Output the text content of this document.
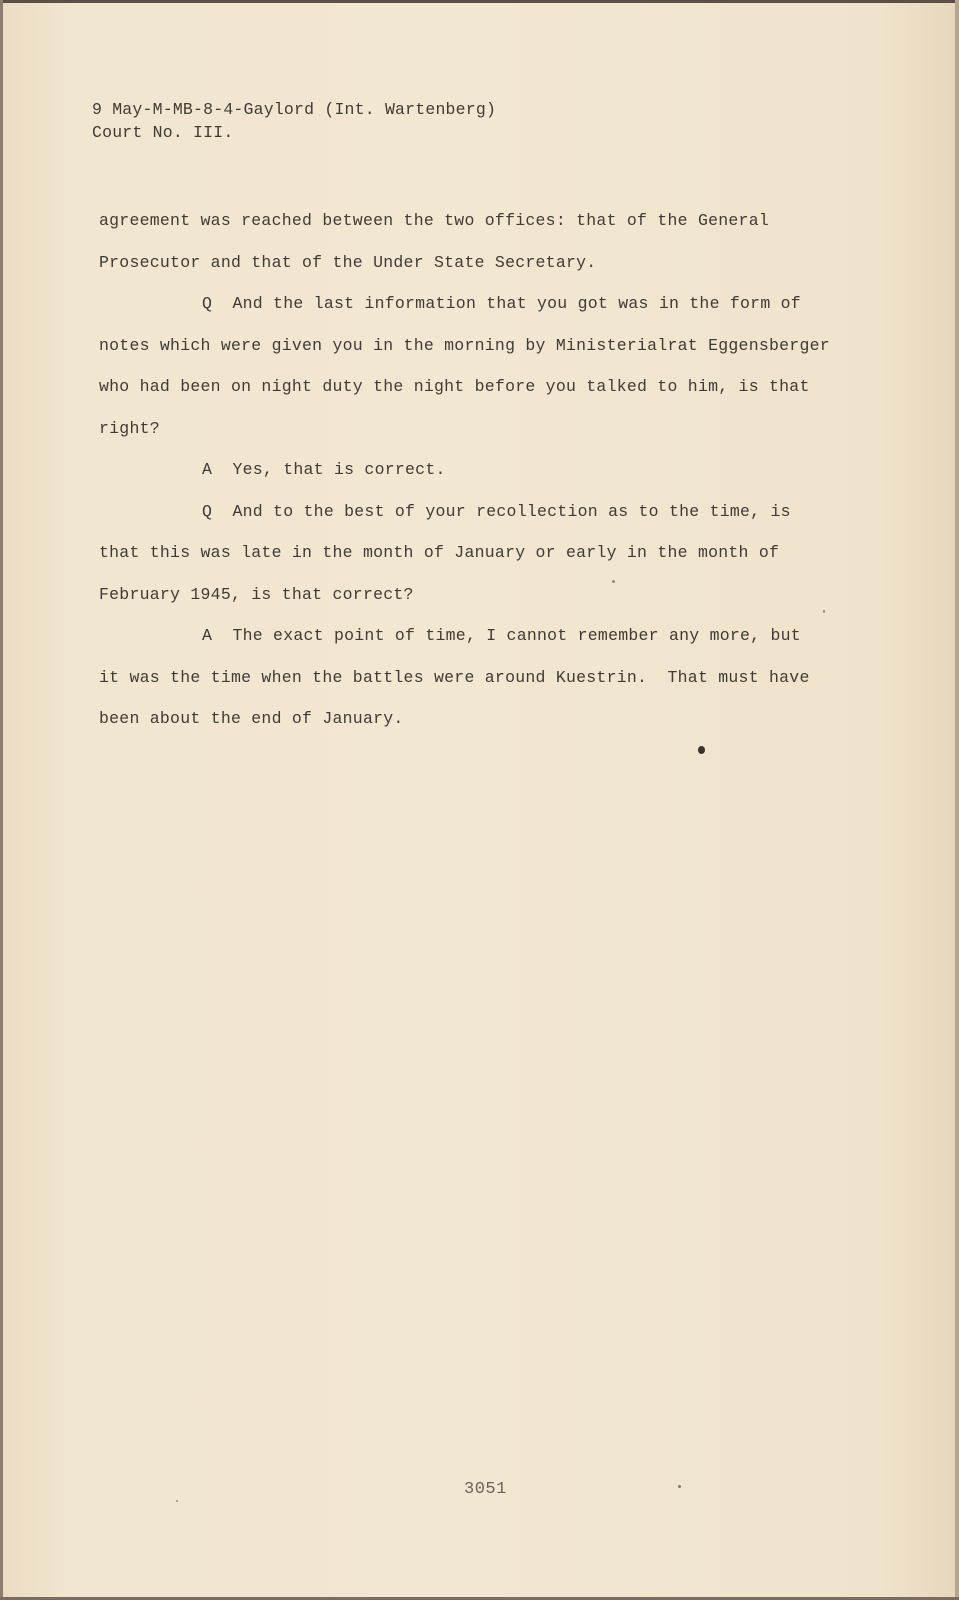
9 May-M-MB-8-4-Gaylord (Int. Wartenberg)
Court No. III.
agreement was reached between the two offices: that of the General
Prosecutor and that of the Under State Secretary.
Q  And the last information that you got was in the form of
notes which were given you in the morning by Ministerialrat Eggensberger
who had been on night duty the night before you talked to him, is that
right?
A  Yes, that is correct.
Q  And to the best of your recollection as to the time, is
that this was late in the month of January or early in the month of
February 1945, is that correct?
A  The exact point of time, I cannot remember any more, but
it was the time when the battles were around Kuestrin.  That must have
been about the end of January.
3051
